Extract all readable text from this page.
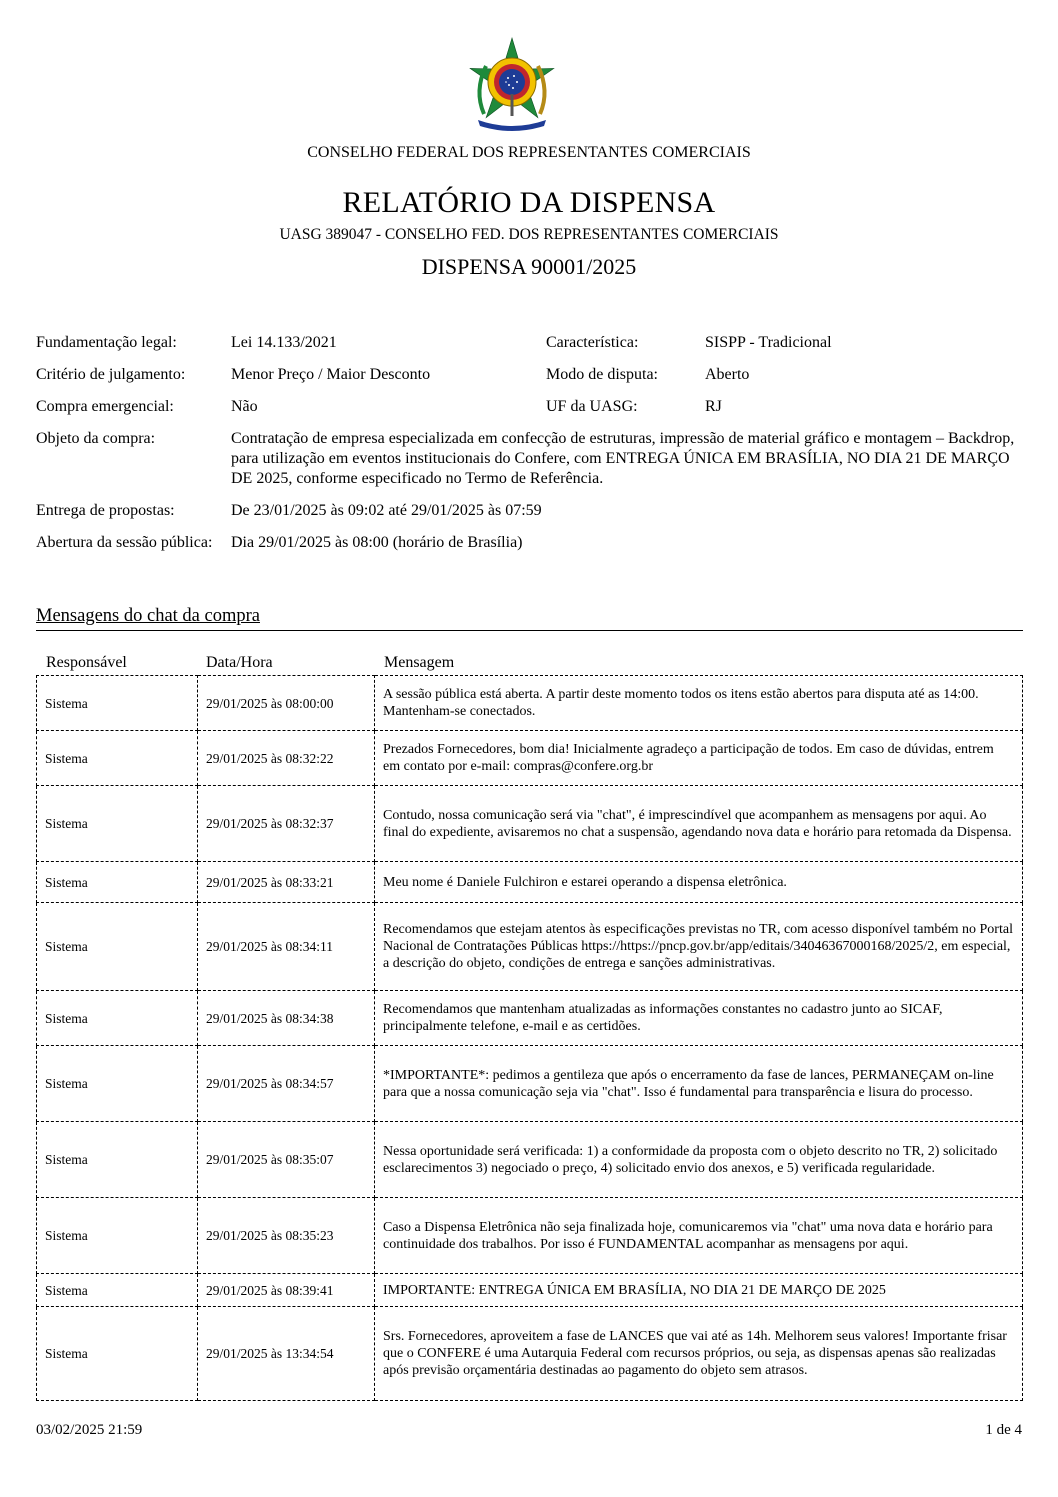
CONSELHO FEDERAL DOS REPRESENTANTES COMERCIAIS
RELATÓRIO DA DISPENSA
UASG 389047 - CONSELHO FED. DOS REPRESENTANTES COMERCIAIS
DISPENSA 90001/2025
Fundamentação legal:	Lei 14.133/2021	Característica:	SISPP - Tradicional
Critério de julgamento:	Menor Preço / Maior Desconto	Modo de disputa:	Aberto
Compra emergencial:	Não	UF da UASG:	RJ
Objeto da compra:	Contratação de empresa especializada em confecção de estruturas, impressão de material gráfico e montagem – Backdrop, para utilização em eventos institucionais do Confere, com ENTREGA ÚNICA EM BRASÍLIA, NO DIA 21 DE MARÇO DE 2025, conforme especificado no Termo de Referência.
Entrega de propostas:	De 23/01/2025 às 09:02 até 29/01/2025 às 07:59
Abertura da sessão pública: Dia 29/01/2025 às 08:00 (horário de Brasília)
Mensagens do chat da compra
Responsável	Data/Hora	Mensagem
Sistema	29/01/2025 às 08:00:00	A sessão pública está aberta. A partir deste momento todos os itens estão abertos para disputa até as 14:00. Mantenham-se conectados.
Sistema	29/01/2025 às 08:32:22	Prezados Fornecedores, bom dia! Inicialmente agradeço a participação de todos. Em caso de dúvidas, entrem em contato por e-mail: compras@confere.org.br
Sistema	29/01/2025 às 08:32:37	Contudo, nossa comunicação será via "chat", é imprescindível que acompanhem as mensagens por aqui. Ao final do expediente, avisaremos no chat a suspensão, agendando nova data e horário para retomada da Dispensa.
Sistema	29/01/2025 às 08:33:21	Meu nome é Daniele Fulchiron e estarei operando a dispensa eletrônica.
Sistema	29/01/2025 às 08:34:11	Recomendamos que estejam atentos às especificações previstas no TR, com acesso disponível também no Portal Nacional de Contratações Públicas https://https://pncp.gov.br/app/editais/34046367000168/2025/2, em especial, a descrição do objeto, condições de entrega e sanções administrativas.
Sistema	29/01/2025 às 08:34:38	Recomendamos que mantenham atualizadas as informações constantes no cadastro junto ao SICAF, principalmente telefone, e-mail e as certidões.
Sistema	29/01/2025 às 08:34:57	*IMPORTANTE*: pedimos a gentileza que após o encerramento da fase de lances, PERMANEÇAM on-line para que a nossa comunicação seja via "chat". Isso é fundamental para transparência e lisura do processo.
Sistema	29/01/2025 às 08:35:07	Nessa oportunidade será verificada: 1) a conformidade da proposta com o objeto descrito no TR, 2) solicitado esclarecimentos 3) negociado o preço, 4) solicitado envio dos anexos, e 5) verificada regularidade.
Sistema	29/01/2025 às 08:35:23	Caso a Dispensa Eletrônica não seja finalizada hoje, comunicaremos via "chat" uma nova data e horário para continuidade dos trabalhos. Por isso é FUNDAMENTAL acompanhar as mensagens por aqui.
Sistema	29/01/2025 às 08:39:41	IMPORTANTE: ENTREGA ÚNICA EM BRASÍLIA, NO DIA 21 DE MARÇO DE 2025
Sistema	29/01/2025 às 13:34:54	Srs. Fornecedores, aproveitem a fase de LANCES que vai até as 14h. Melhorem seus valores! Importante frisar que o CONFERE é uma Autarquia Federal com recursos próprios, ou seja, as dispensas apenas são realizadas após previsão orçamentária destinadas ao pagamento do objeto sem atrasos.
03/02/2025 21:59	1 de 4
